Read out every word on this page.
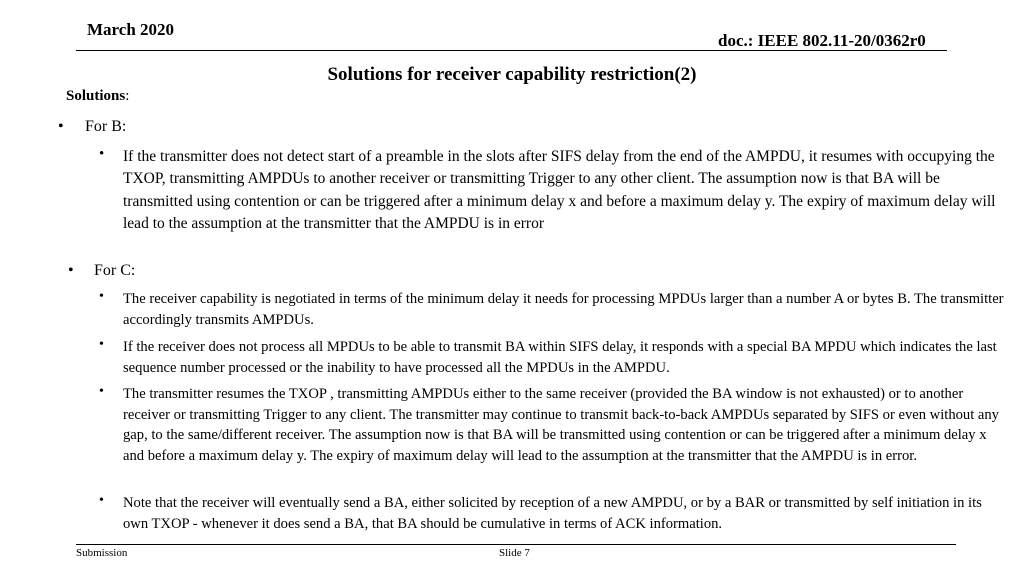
March 2020
doc.: IEEE 802.11-20/0362r0
Solutions for receiver capability restriction(2)
Solutions:
• For B:
• If the transmitter does not detect start of a preamble in the slots after SIFS delay from the end of the AMPDU, it resumes with occupying the TXOP, transmitting AMPDUs to another receiver or transmitting Trigger to any other client. The assumption now is that BA will be transmitted using contention or can be triggered after a minimum delay x and before a maximum delay y. The expiry of maximum delay will lead to the assumption at the transmitter that the AMPDU is in error
• For C:
• The receiver capability is negotiated in terms of the minimum delay it needs for processing MPDUs larger than a number A or bytes B. The transmitter accordingly transmits AMPDUs.
• If the receiver does not process all MPDUs to be able to transmit BA within SIFS delay, it responds with a special BA MPDU which indicates the last sequence number processed or the inability to have processed all the MPDUs in the AMPDU.
• The transmitter resumes the TXOP , transmitting AMPDUs either to the same receiver (provided the BA window is not exhausted) or to another receiver or transmitting Trigger to any client. The transmitter may continue to transmit back-to-back AMPDUs separated by SIFS or even without any gap, to the same/different receiver. The assumption now is that BA will be transmitted using contention or can be triggered after a minimum delay x and before a maximum delay y. The expiry of maximum delay will lead to the assumption at the transmitter that the AMPDU is in error.
• Note that the receiver will eventually send a BA, either solicited by reception of a new AMPDU, or by a BAR or transmitted by self initiation in its own TXOP - whenever it does send a BA, that BA should be cumulative in terms of ACK information.
Submission	Slide 7
